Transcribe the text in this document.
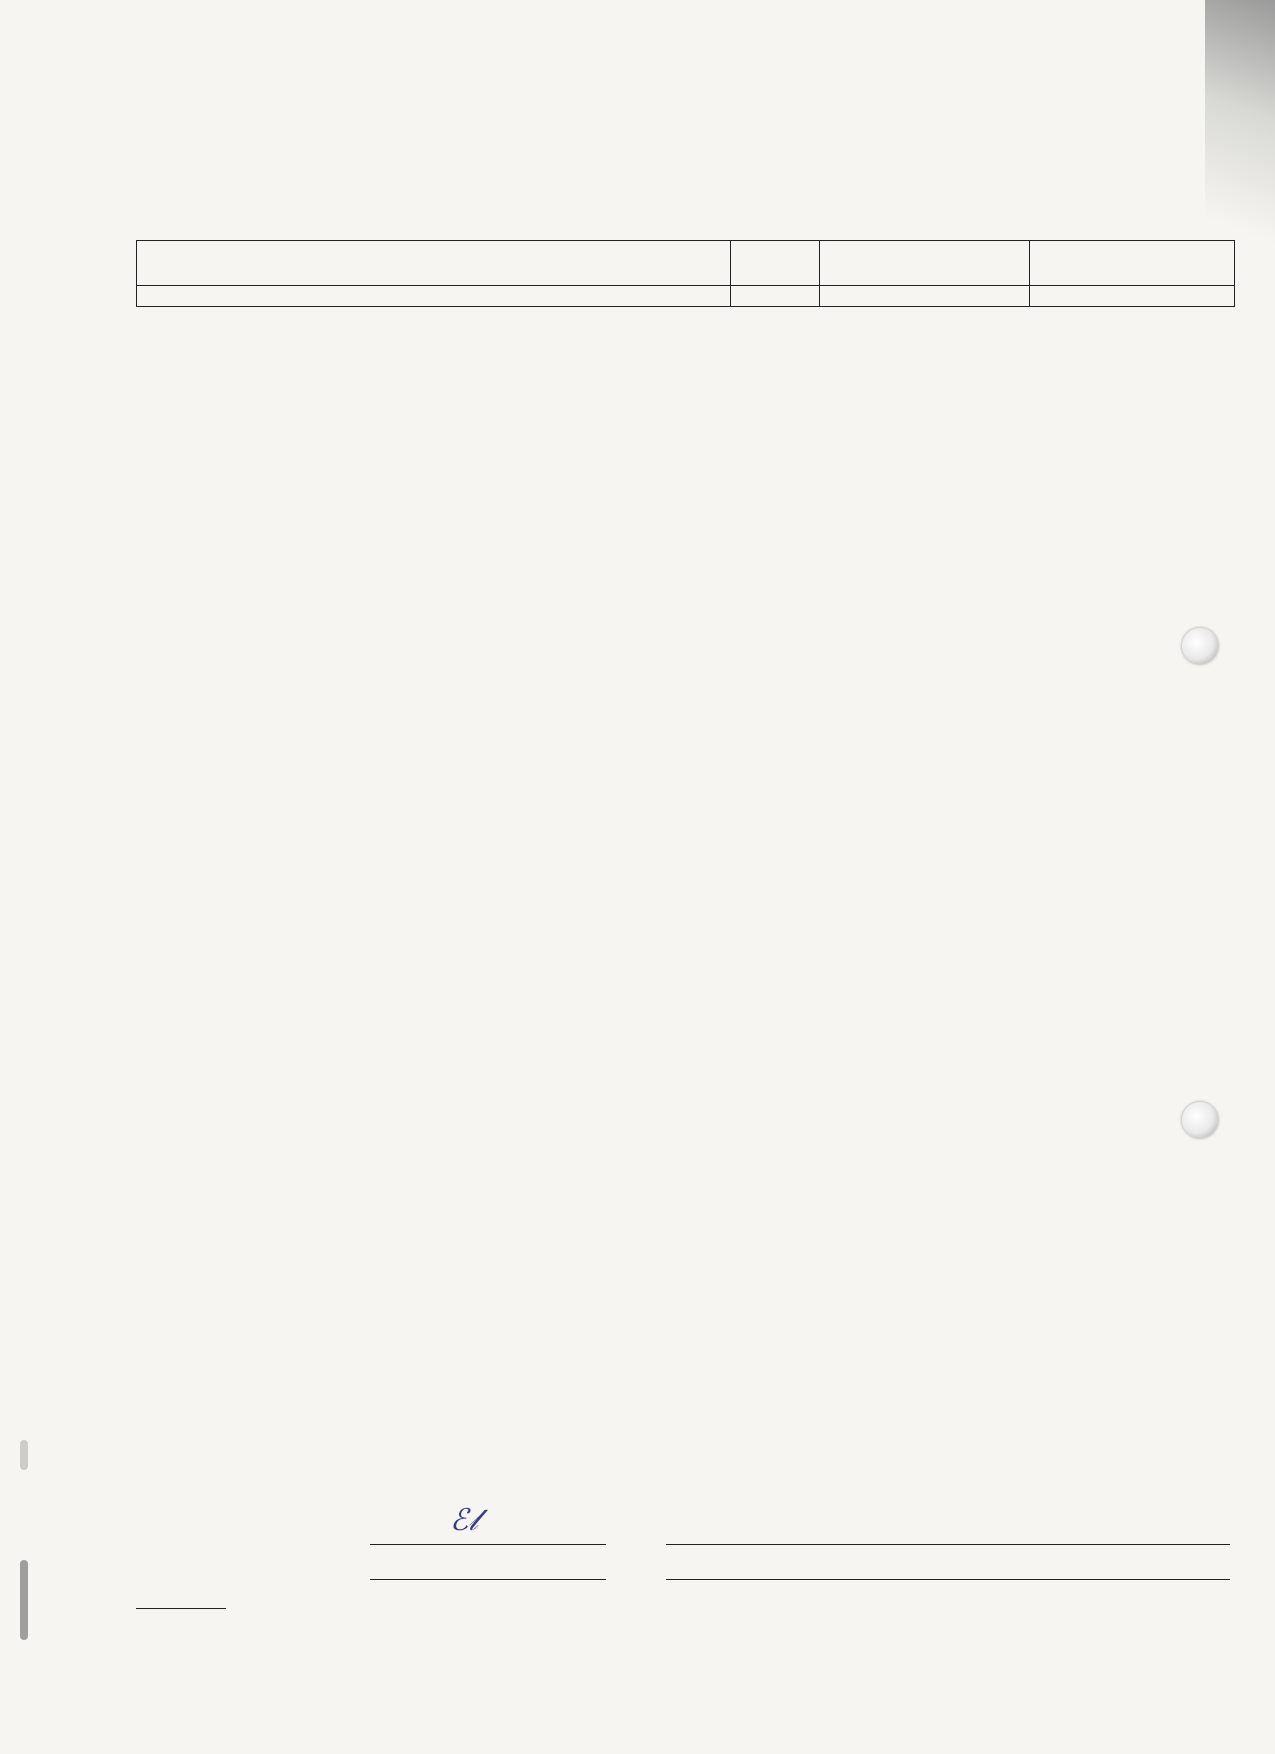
ℰ𝓁
